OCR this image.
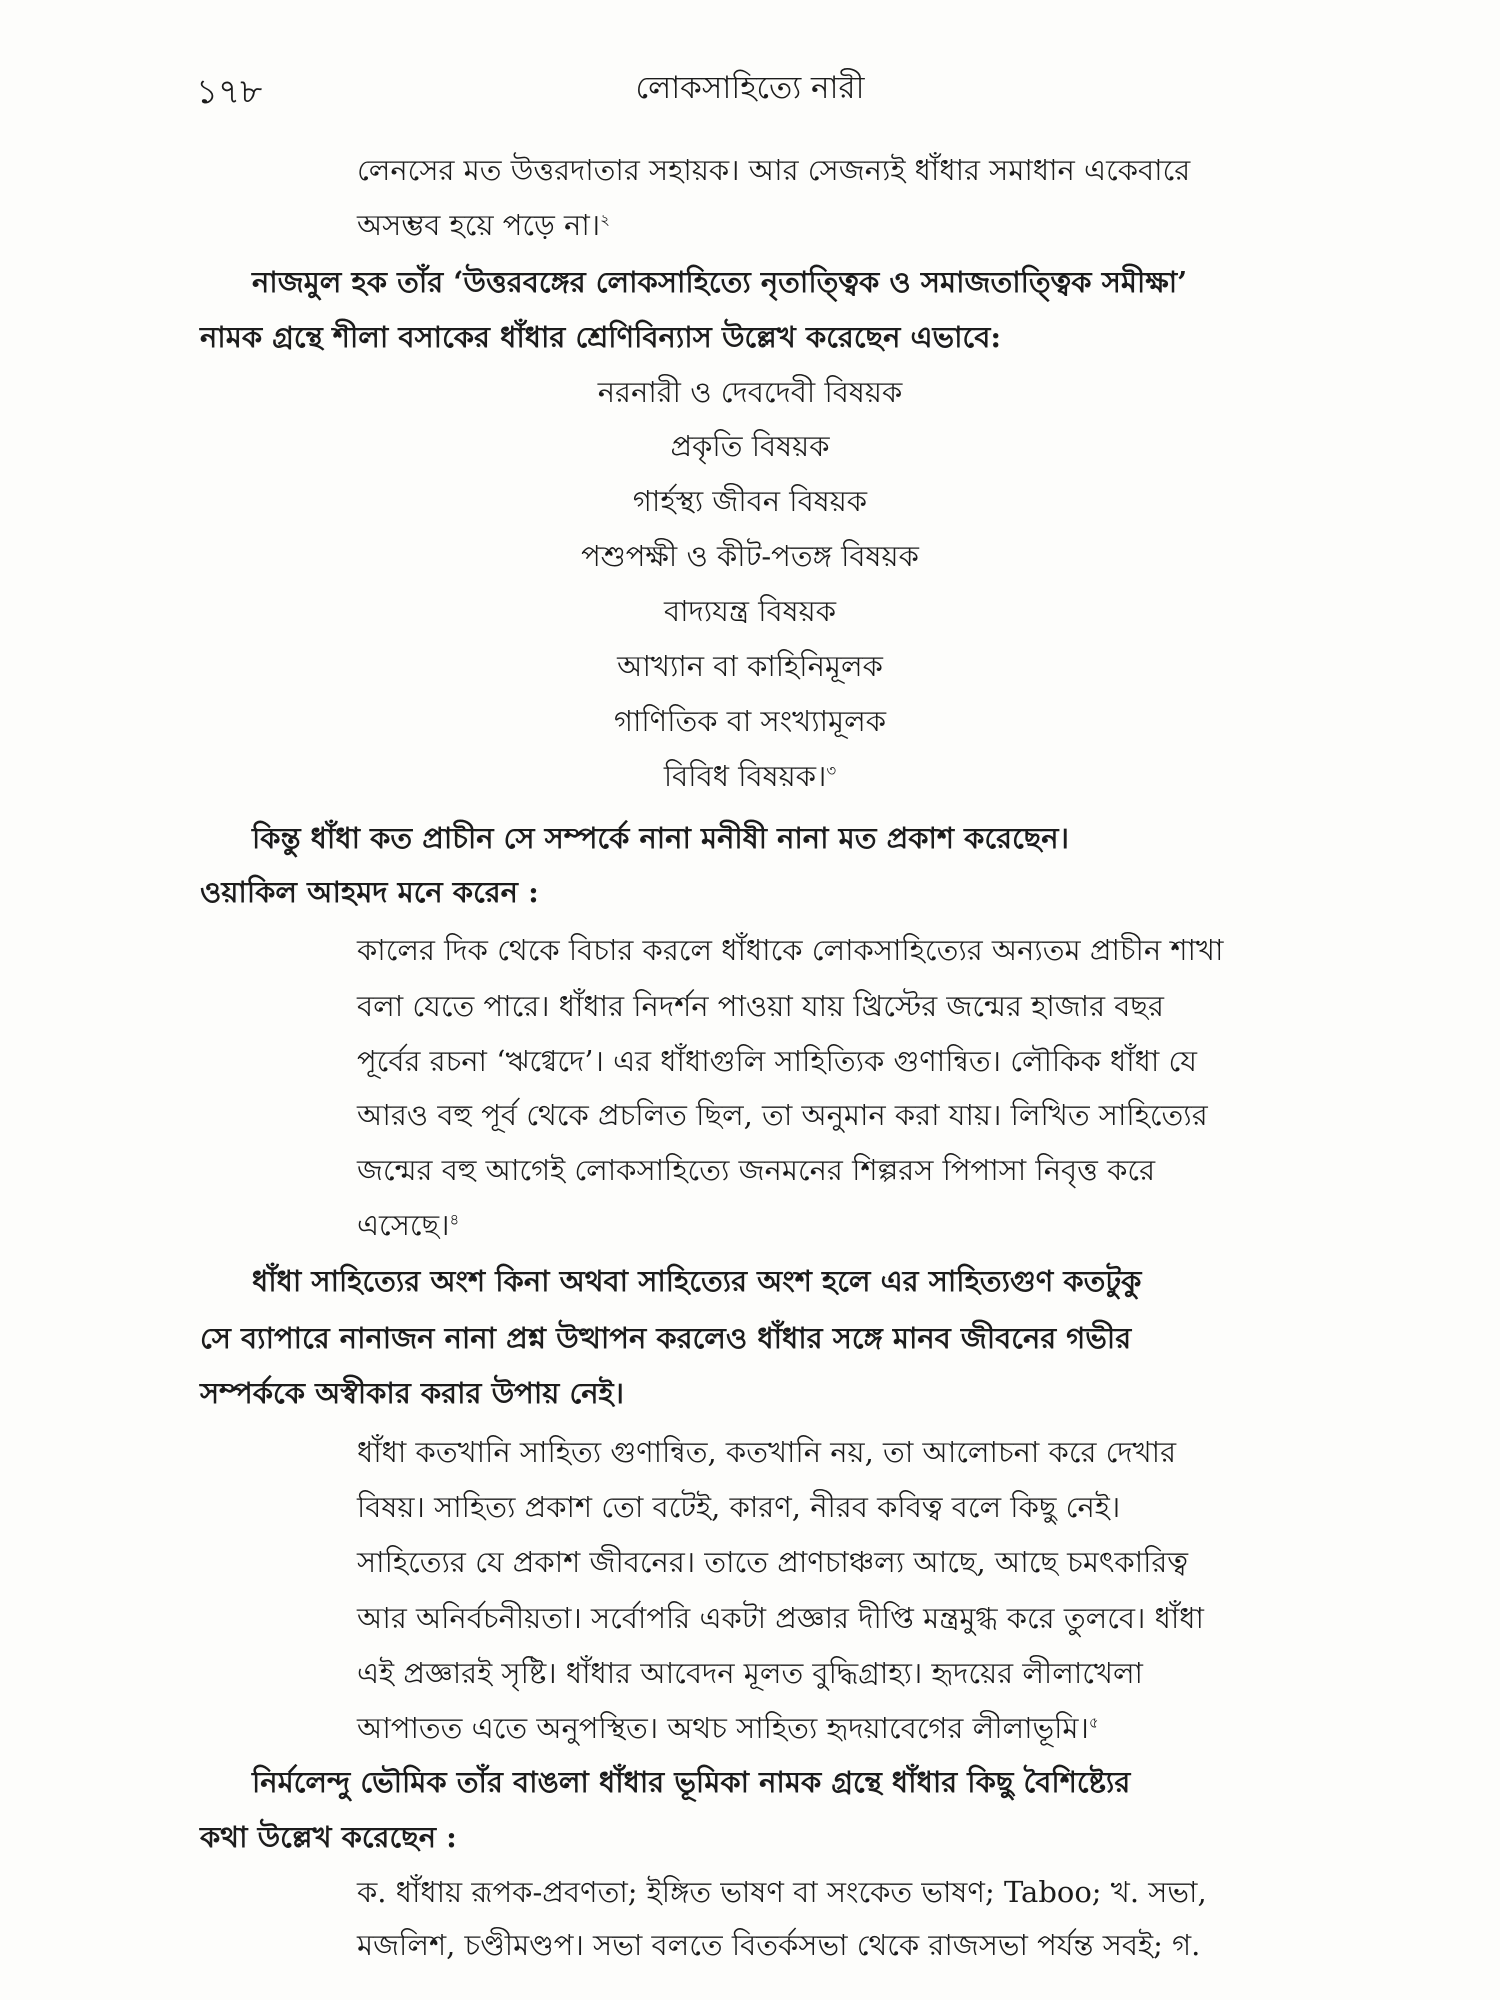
১৭৮	লোকসাহিত্যে নারী
লেনসের মত উত্তরদাতার সহায়ক। আর সেজন্যই ধাঁধার সমাধান একেবারে
অসম্ভব হয়ে পড়ে না।$^২$
নাজমুল হক তাঁর ‘উত্তরবঙ্গের লোকসাহিত্যে নৃতাত্ত্বিক ও সমাজতাত্ত্বিক সমীক্ষা’
নামক গ্রন্থে শীলা বসাকের ধাঁধার শ্রেণিবিন্যাস উল্লেখ করেছেন এভাবে:
নরনারী ও দেবদেবী বিষয়ক
প্রকৃতি বিষয়ক
গার্হস্থ্য জীবন বিষয়ক
পশুপক্ষী ও কীট-পতঙ্গ বিষয়ক
বাদ্যযন্ত্র বিষয়ক
আখ্যান বা কাহিনিমূলক
গাণিতিক বা সংখ্যামূলক
বিবিধ বিষয়ক।$^৩$
কিন্তু ধাঁধা কত প্রাচীন সে সম্পর্কে নানা মনীষী নানা মত প্রকাশ করেছেন।
ওয়াকিল আহমদ মনে করেন :
কালের দিক থেকে বিচার করলে ধাঁধাকে লোকসাহিত্যের অন্যতম প্রাচীন শাখা
বলা যেতে পারে। ধাঁধার নিদর্শন পাওয়া যায় খ্রিস্টের জন্মের হাজার বছর
পূর্বের রচনা ‘ঋগ্বেদে’। এর ধাঁধাগুলি সাহিত্যিক গুণান্বিত। লৌকিক ধাঁধা যে
আরও বহু পূর্ব থেকে প্রচলিত ছিল, তা অনুমান করা যায়। লিখিত সাহিত্যের
জন্মের বহু আগেই লোকসাহিত্যে জনমনের শিল্পরস পিপাসা নিবৃত্ত করে
এসেছে।$^৪$
ধাঁধা সাহিত্যের অংশ কিনা অথবা সাহিত্যের অংশ হলে এর সাহিত্যগুণ কতটুকু
সে ব্যাপারে নানাজন নানা প্রশ্ন উত্থাপন করলেও ধাঁধার সঙ্গে মানব জীবনের গভীর
সম্পর্ককে অস্বীকার করার উপায় নেই।
ধাঁধা কতখানি সাহিত্য গুণান্বিত, কতখানি নয়, তা আলোচনা করে দেখার
বিষয়। সাহিত্য প্রকাশ তো বটেই, কারণ, নীরব কবিত্ব বলে কিছু নেই।
সাহিত্যের যে প্রকাশ জীবনের। তাতে প্রাণচাঞ্চল্য আছে, আছে চমৎকারিত্ব
আর অনির্বচনীয়তা। সর্বোপরি একটা প্রজ্ঞার দীপ্তি মন্ত্রমুগ্ধ করে তুলবে। ধাঁধা
এই প্রজ্ঞারই সৃষ্টি। ধাঁধার আবেদন মূলত বুদ্ধিগ্রাহ্য। হৃদয়ের লীলাখেলা
আপাতত এতে অনুপস্থিত। অথচ সাহিত্য হৃদয়াবেগের লীলাভূমি।$^৫$
নির্মলেন্দু ভৌমিক তাঁর বাঙলা ধাঁধার ভূমিকা নামক গ্রন্থে ধাঁধার কিছু বৈশিষ্ট্যের
কথা উল্লেখ করেছেন :
ক. ধাঁধায় রূপক-প্রবণতা; ইঙ্গিত ভাষণ বা সংকেত ভাষণ; Taboo; খ. সভা,
মজলিশ, চণ্ডীমণ্ডপ। সভা বলতে বিতর্কসভা থেকে রাজসভা পর্যন্ত সবই; গ.
